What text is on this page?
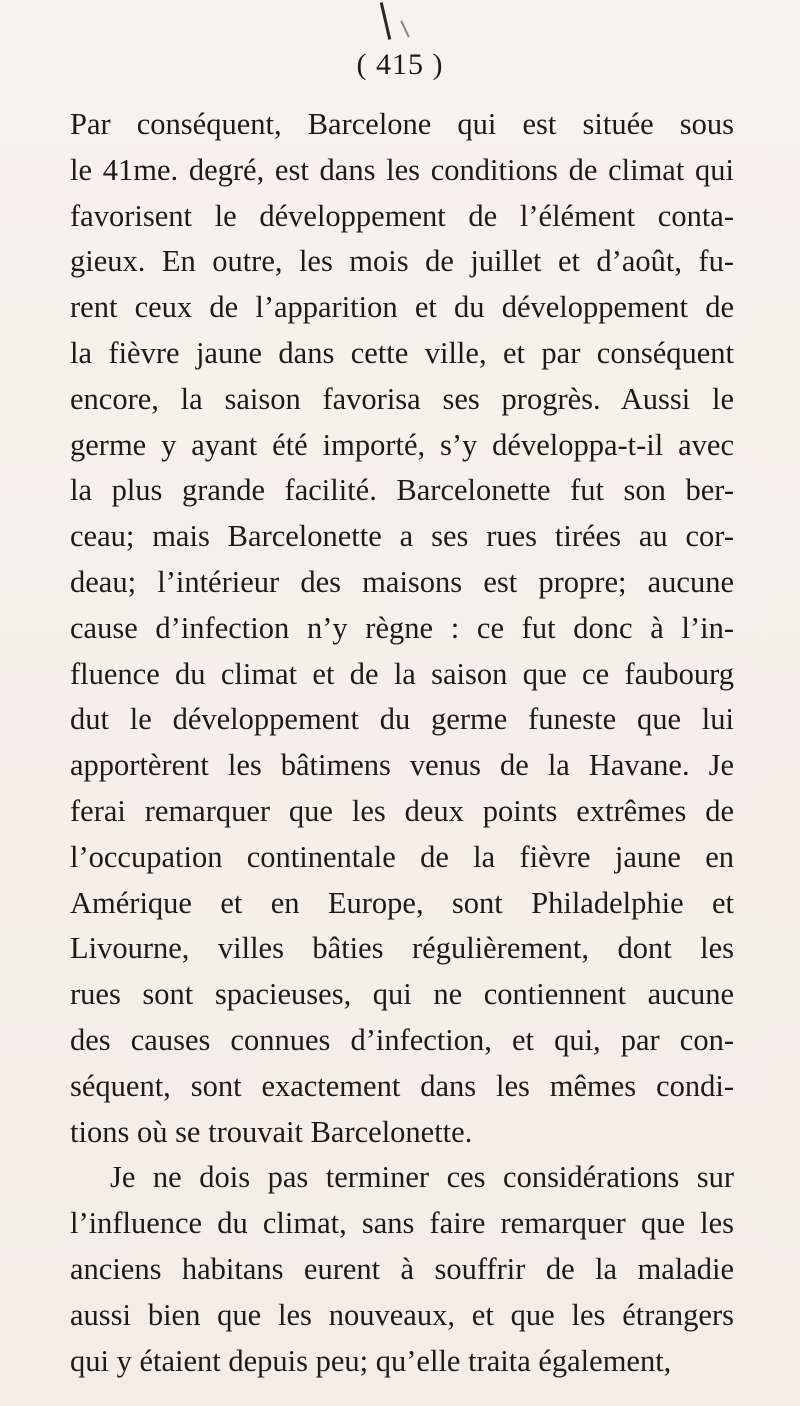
( 415 )
Par conséquent, Barcelone qui est située sous
le 41me. degré, est dans les conditions de climat qui
favorisent le développement de l’élément conta-
gieux. En outre, les mois de juillet et d’août, fu-
rent ceux de l’apparition et du développement de
la fièvre jaune dans cette ville, et par conséquent
encore, la saison favorisa ses progrès. Aussi le
germe y ayant été importé, s’y développa-t-il avec
la plus grande facilité. Barcelonette fut son ber-
ceau; mais Barcelonette a ses rues tirées au cor-
deau; l’intérieur des maisons est propre; aucune
cause d’infection n’y règne : ce fut donc à l’in-
fluence du climat et de la saison que ce faubourg
dut le développement du germe funeste que lui
apportèrent les bâtimens venus de la Havane. Je
ferai remarquer que les deux points extrêmes de
l’occupation continentale de la fièvre jaune en
Amérique et en Europe, sont Philadelphie et
Livourne, villes bâties régulièrement, dont les
rues sont spacieuses, qui ne contiennent aucune
des causes connues d’infection, et qui, par con-
séquent, sont exactement dans les mêmes condi-
tions où se trouvait Barcelonette.
Je ne dois pas terminer ces considérations sur
l’influence du climat, sans faire remarquer que les
anciens habitans eurent à souffrir de la maladie
aussi bien que les nouveaux, et que les étrangers
qui y étaient depuis peu; qu’elle traita également,
